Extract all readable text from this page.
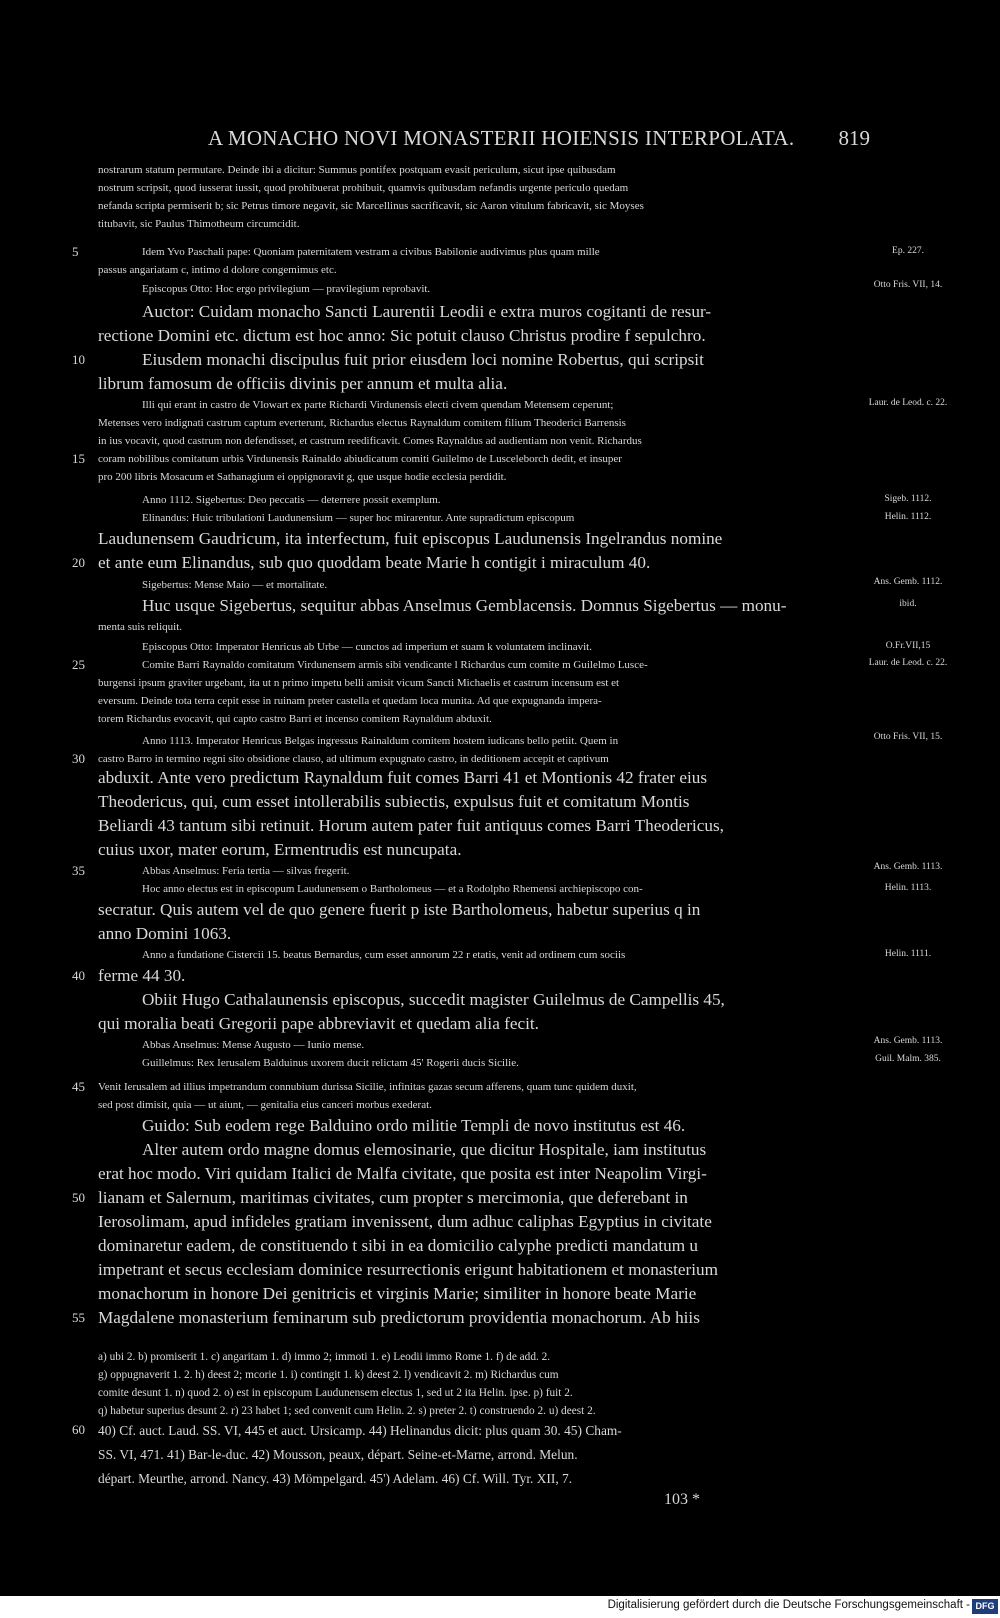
A MONACHO NOVI MONASTERII HOIENSIS INTERPOLATA. 819
nostrarum statum permutare. Deinde ibi a dicitur: Summus pontifex postquam evasit periculum, sicut ipse quibusdam
nostrum scripsit, quod iusserat iussit, quod prohibuerat prohibuit, quamvis quibusdam nefandis urgente periculo quedam
nefanda scripta permiserit b; sic Petrus timore negavit, sic Marcellinus sacrificavit, sic Aaron vitulum fabricavit, sic Moyses
titubavit, sic Paulus Thimotheum circumcidit.
Idem Yvo Paschali pape: Quoniam paternitatem vestram a civibus Babilonie audivimus plus quam mille
5
passus angariatam c, intimo d dolore congemimus etc.
Episcopus Otto: Hoc ergo privilegium — pravilegium reprobavit.
Auctor: Cuidam monacho Sancti Laurentii Leodii e extra muros cogitanti de resur-
rectione Domini etc. dictum est hoc anno: Sic potuit clauso Christus prodire f sepulchro.
Eiusdem monachi discipulus fuit prior eiusdem loci nomine Robertus, qui scripsit
10
librum famosum de officiis divinis per annum et multa alia.
Illi qui erant in castro de Vlowart ex parte Richardi Virdunensis electi civem quendam Metensem ceperunt;
Metenses vero indignati castrum captum everterunt, Richardus electus Raynaldum comitem filium Theoderici Barrensis
in ius vocavit, quod castrum non defendisset, et castrum reedificavit. Comes Raynaldus ad audientiam non venit. Richardus
coram nobilibus comitatum urbis Virdunensis Rainaldo abiudicatum comiti Guilelmo de Lusceleborch dedit, et insuper
15
pro 200 libris Mosacum et Sathanagium ei oppignoravit g, que usque hodie ecclesia perdidit.
Anno 1112. Sigebertus: Deo peccatis — deterrere possit exemplum.
Elinandus: Huic tribulationi Laudunensium — super hoc mirarentur. Ante supradictum episcopum
Laudunensem Gaudricum, ita interfectum, fuit episcopus Laudunensis Ingelrandus nomine
et ante eum Elinandus, sub quo quoddam beate Marie h contigit i miraculum 40.
20
Sigebertus: Mense Maio — et mortalitate.
Huc usque Sigebertus, sequitur abbas Anselmus Gemblacensis. Domnus Sigebertus — monu-
menta suis reliquit.
Episcopus Otto: Imperator Henricus ab Urbe — cunctos ad imperium et suam k voluntatem inclinavit.
Comite Barri Raynaldo comitatum Virdunensem armis sibi vendicante l Richardus cum comite m Guilelmo Lusce-
25
burgensi ipsum graviter urgebant, ita ut n primo impetu belli amisit vicum Sancti Michaelis et castrum incensum est et
eversum. Deinde tota terra cepit esse in ruinam preter castella et quedam loca munita. Ad que expugnanda impera-
torem Richardus evocavit, qui capto castro Barri et incenso comitem Raynaldum abduxit.
Anno 1113. Imperator Henricus Belgas ingressus Rainaldum comitem hostem iudicans bello petiit. Quem in
castro Barro in termino regni sito obsidione clauso, ad ultimum expugnato castro, in deditionem accepit et captivum
30
abduxit. Ante vero predictum Raynaldum fuit comes Barri 41 et Montionis 42 frater eius
Theodericus, qui, cum esset intollerabilis subiectis, expulsus fuit et comitatum Montis
Beliardi 43 tantum sibi retinuit. Horum autem pater fuit antiquus comes Barri Theodericus,
cuius uxor, mater eorum, Ermentrudis est nuncupata.
Abbas Anselmus: Feria tertia — silvas fregerit.
35
Hoc anno electus est in episcopum Laudunensem o Bartholomeus — et a Rodolpho Rhemensi archiepiscopo con-
secratur. Quis autem vel de quo genere fuerit p iste Bartholomeus, habetur superius q in
anno Domini 1063.
Anno a fundatione Cistercii 15. beatus Bernardus, cum esset annorum 22 r etatis, venit ad ordinem cum sociis
ferme 44 30.
40
Obiit Hugo Cathalaunensis episcopus, succedit magister Guilelmus de Campellis 45,
qui moralia beati Gregorii pape abbreviavit et quedam alia fecit.
Abbas Anselmus: Mense Augusto — Iunio mense.
Guillelmus: Rex Ierusalem Balduinus uxorem ducit relictam 45' Rogerii ducis Sicilie.
Venit Ierusalem ad illius impetrandum connubium durissa Sicilie, infinitas gazas secum afferens, quam tunc quidem duxit,
45
sed post dimisit, quia — ut aiunt, — genitalia eius canceri morbus exederat.
Guido: Sub eodem rege Balduino ordo militie Templi de novo institutus est 46.
Alter autem ordo magne domus elemosinarie, que dicitur Hospitale, iam institutus
erat hoc modo. Viri quidam Italici de Malfa civitate, que posita est inter Neapolim Virgi-
lianam et Salernum, maritimas civitates, cum propter s mercimonia, que deferebant in
50
Ierosolimam, apud infideles gratiam invenissent, dum adhuc caliphas Egyptius in civitate
dominaretur eadem, de constituendo t sibi in ea domicilio calyphe predicti mandatum u
impetrant et secus ecclesiam dominice resurrectionis erigunt habitationem et monasterium
monachorum in honore Dei genitricis et virginis Marie; similiter in honore beate Marie
Magdalene monasterium feminarum sub predictorum providentia monachorum. Ab hiis
55
Ep. 227.
Otto Fris. VII, 14.
Laur. de Leod. c. 22.
Sigeb. 1112.
Helin. 1112.
Ans. Gemb. 1112.
ibid.
O.Fr.VII,15
Laur. de Leod. c. 22.
Otto Fris. VII, 15.
Ans. Gemb. 1113.
Helin. 1113.
Helin. 1111.
Ans. Gemb. 1113.
Guil. Malm. 385.
60
a) ubi 2. b) promiserit 1. c) angaritam 1. d) immo 2; immoti 1. e) Leodii immo Rome 1. f) de add. 2.
g) oppugnaverit 1. 2. h) deest 2; mcorie 1. i) contingit 1. k) deest 2. l) vendicavit 2. m) Richardus cum
comite desunt 1. n) quod 2. o) est in episcopum Laudunensem electus 1, sed ut 2 ita Helin. ipse. p) fuit 2.
q) habetur superius desunt 2. r) 23 habet 1; sed convenit cum Helin. 2. s) preter 2. t) construendo 2. u) deest 2.
40) Cf. auct. Laud. SS. VI, 445 et auct. Ursicamp. 44) Helinandus dicit: plus quam 30. 45) Cham-
SS. VI, 471. 41) Bar-le-duc. 42) Mousson, peaux, départ. Seine-et-Marne, arrond. Melun.
départ. Meurthe, arrond. Nancy. 43) Mömpelgard. 45') Adelam. 46) Cf. Will. Tyr. XII, 7.
103 *
Digitalisierung gefördert durch die Deutsche Forschungsgemeinschaft - DFG
